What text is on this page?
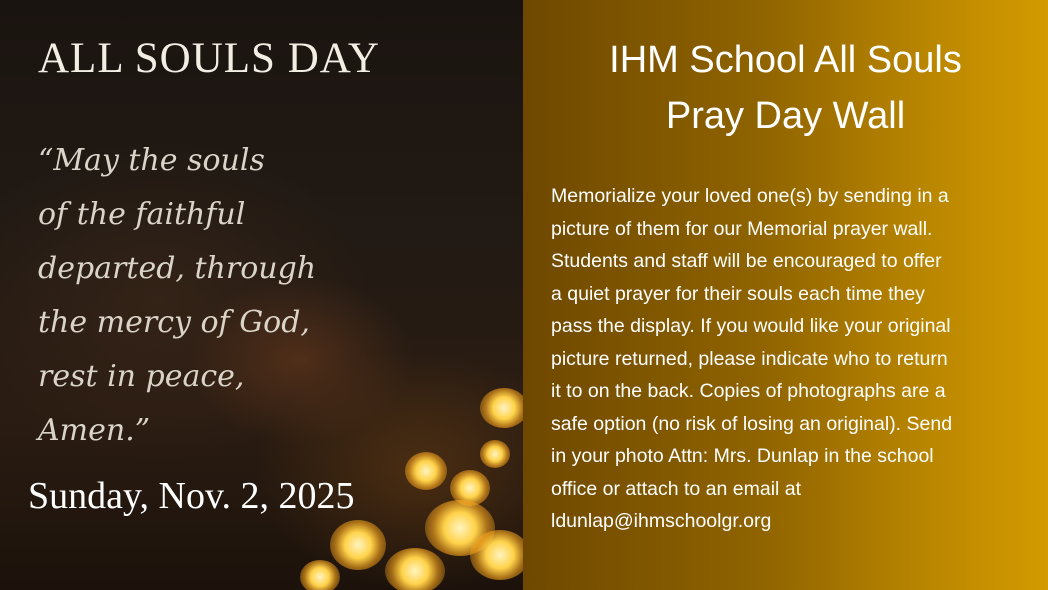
ALL SOULS DAY
“May the souls
of the faithful
departed, through
the mercy of God,
rest in peace,
Amen.”
Sunday, Nov. 2, 2025
IHM School All Souls
Pray Day Wall
Memorialize your loved one(s) by sending in a
picture of them for our Memorial prayer wall.
Students and staff will be encouraged to offer
a quiet prayer for their souls each time they
pass the display. If you would like your original
picture returned, please indicate who to return
it to on the back. Copies of photographs are a
safe option (no risk of losing an original). Send
in your photo Attn: Mrs. Dunlap in the school
office or attach to an email at
ldunlap@ihmschoolgr.org
